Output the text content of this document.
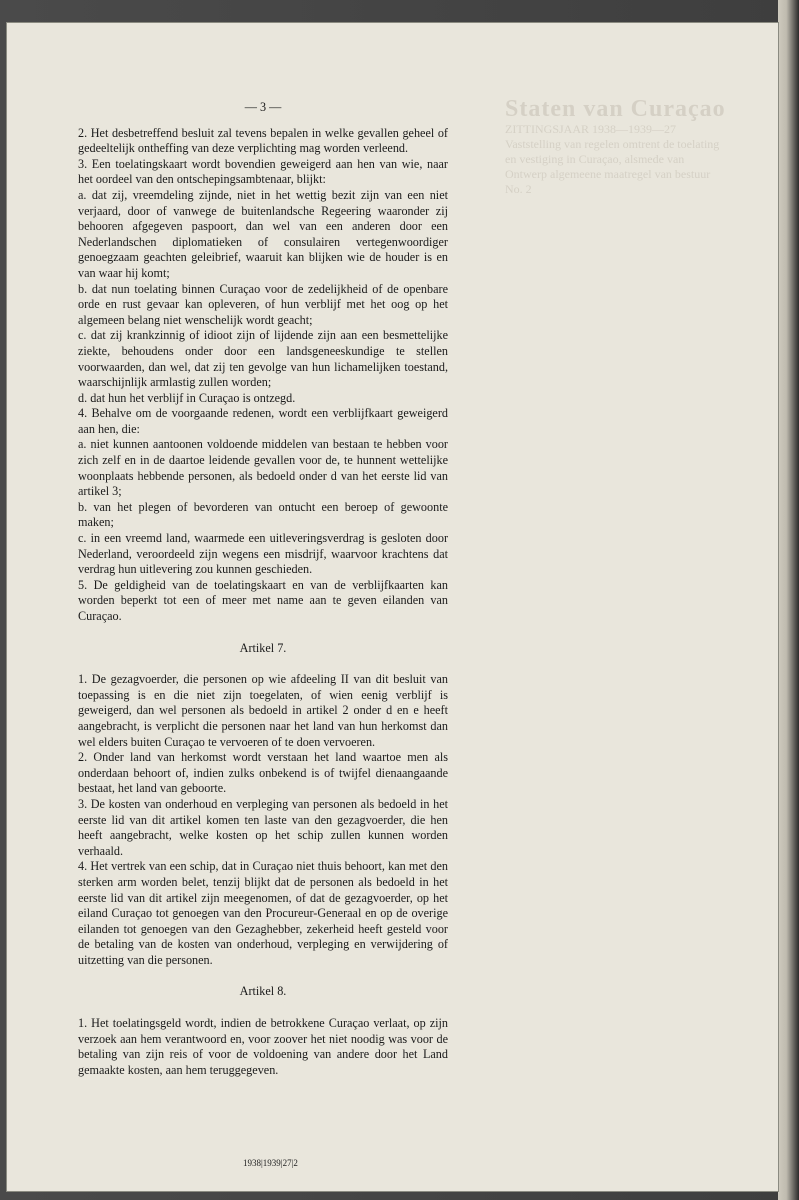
— 3 —

2. Het desbetreffend besluit zal tevens bepalen in welke gevallen geheel of gedeeltelijk ontheffing van deze verplichting mag worden verleend.

3. Een toelatingskaart wordt bovendien geweigerd aan hen van wie, naar het oordeel van den ontschepingsambtenaar, blijkt:

a. dat zij, vreemdeling zijnde, niet in het wettig bezit zijn van een niet verjaard, door of vanwege de buitenlandsche Regeering waaronder zij behooren afgegeven paspoort, dan wel van een anderen door een Nederlandschen diplomatieken of consulairen vertegenwoordiger genoegzaam geachten geleibrief, waaruit kan blijken wie de houder is en van waar hij komt;

b. dat nun toelating binnen Curaçao voor de zedelijkheid of de openbare orde en rust gevaar kan opleveren, of hun verblijf met het oog op het algemeen belang niet wenschelijk wordt geacht;

c. dat zij krankzinnig of idioot zijn of lijdende zijn aan een besmettelijke ziekte, behoudens onder door een landsgeneeskundige te stellen voorwaarden, dan wel, dat zij ten gevolge van hun lichamelijken toestand, waarschijnlijk armlastig zullen worden;

d. dat hun het verblijf in Curaçao is ontzegd.

4. Behalve om de voorgaande redenen, wordt een verblijfkaart geweigerd aan hen, die:

a. niet kunnen aantoonen voldoende middelen van bestaan te hebben voor zich zelf en in de daartoe leidende gevallen voor de, te hunnent wettelijke woonplaats hebbende personen, als bedoeld onder d van het eerste lid van artikel 3;

b. van het plegen of bevorderen van ontucht een beroep of gewoonte maken;

c. in een vreemd land, waarmede een uitleveringsverdrag is gesloten door Nederland, veroordeeld zijn wegens een misdrijf, waarvoor krachtens dat verdrag hun uitlevering zou kunnen geschieden.

5. De geldigheid van de toelatingskaart en van de verblijfkaarten kan worden beperkt tot een of meer met name aan te geven eilanden van Curaçao.

Artikel 7.

1. De gezagvoerder, die personen op wie afdeeling II van dit besluit van toepassing is en die niet zijn toegelaten, of wien eenig verblijf is geweigerd, dan wel personen als bedoeld in artikel 2 onder d en e heeft aangebracht, is verplicht die personen naar het land van hun herkomst dan wel elders buiten Curaçao te vervoeren of te doen vervoeren.

2. Onder land van herkomst wordt verstaan het land waartoe men als onderdaan behoort of, indien zulks onbekend is of twijfel dienaangaande bestaat, het land van geboorte.

3. De kosten van onderhoud en verpleging van personen als bedoeld in het eerste lid van dit artikel komen ten laste van den gezagvoerder, die hen heeft aangebracht, welke kosten op het schip zullen kunnen worden verhaald.

4. Het vertrek van een schip, dat in Curaçao niet thuis behoort, kan met den sterken arm worden belet, tenzij blijkt dat de personen als bedoeld in het eerste lid van dit artikel zijn meegenomen, of dat de gezagvoerder, op het eiland Curaçao tot genoegen van den Procureur-Generaal en op de overige eilanden tot genoegen van den Gezaghebber, zekerheid heeft gesteld voor de betaling van de kosten van onderhoud, verpleging en verwijdering of uitzetting van die personen.

Artikel 8.

1. Het toelatingsgeld wordt, indien de betrokkene Curaçao verlaat, op zijn verzoek aan hem verantwoord en, voor zoover het niet noodig was voor de betaling van zijn reis of voor de voldoening van andere door het Land gemaakte kosten, aan hem teruggegeven.

1938|1939|27|2
